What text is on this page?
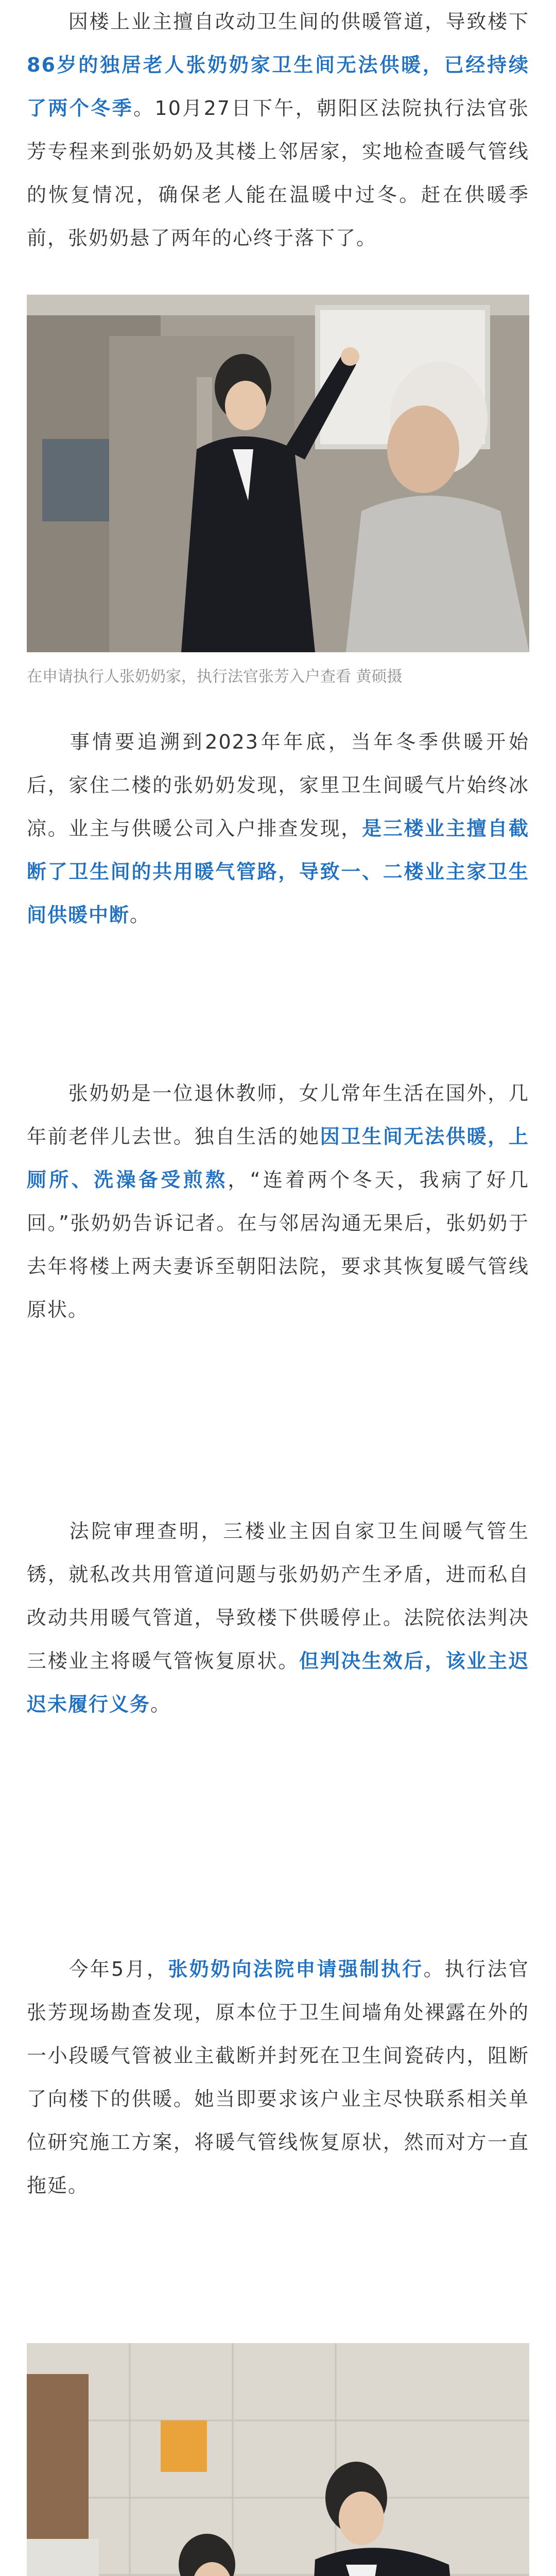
因楼上业主擅自改动卫生间的供暖管道，导致楼下86岁的独居老人张奶奶家卫生间无法供暖，已经持续了两个冬季。10月27日下午，朝阳区法院执行法官张芳专程来到张奶奶及其楼上邻居家，实地检查暖气管线的恢复情况，确保老人能在温暖中过冬。赶在供暖季前，张奶奶悬了两年的心终于落下了。

在申请执行人张奶奶家，执行法官张芳入户查看 黄硕摄

事情要追溯到2023年年底，当年冬季供暖开始后，家住二楼的张奶奶发现，家里卫生间暖气片始终冰凉。业主与供暖公司入户排查发现，是三楼业主擅自截断了卫生间的共用暖气管路，导致一、二楼业主家卫生间供暖中断。

张奶奶是一位退休教师，女儿常年生活在国外，几年前老伴儿去世。独自生活的她因卫生间无法供暖，上厕所、洗澡备受煎熬，“连着两个冬天，我病了好几回。”张奶奶告诉记者。在与邻居沟通无果后，张奶奶于去年将楼上两夫妻诉至朝阳法院，要求其恢复暖气管线原状。

法院审理查明，三楼业主因自家卫生间暖气管生锈，就私改共用管道问题与张奶奶产生矛盾，进而私自改动共用暖气管道，导致楼下供暖停止。法院依法判决三楼业主将暖气管恢复原状。但判决生效后，该业主迟迟未履行义务。

今年5月，张奶奶向法院申请强制执行。执行法官张芳现场勘查发现，原本位于卫生间墙角处裸露在外的一小段暖气管被业主截断并封死在卫生间瓷砖内，阻断了向楼下的供暖。她当即要求该户业主尽快联系相关单位研究施工方案，将暖气管线恢复原状，然而对方一直拖延。
